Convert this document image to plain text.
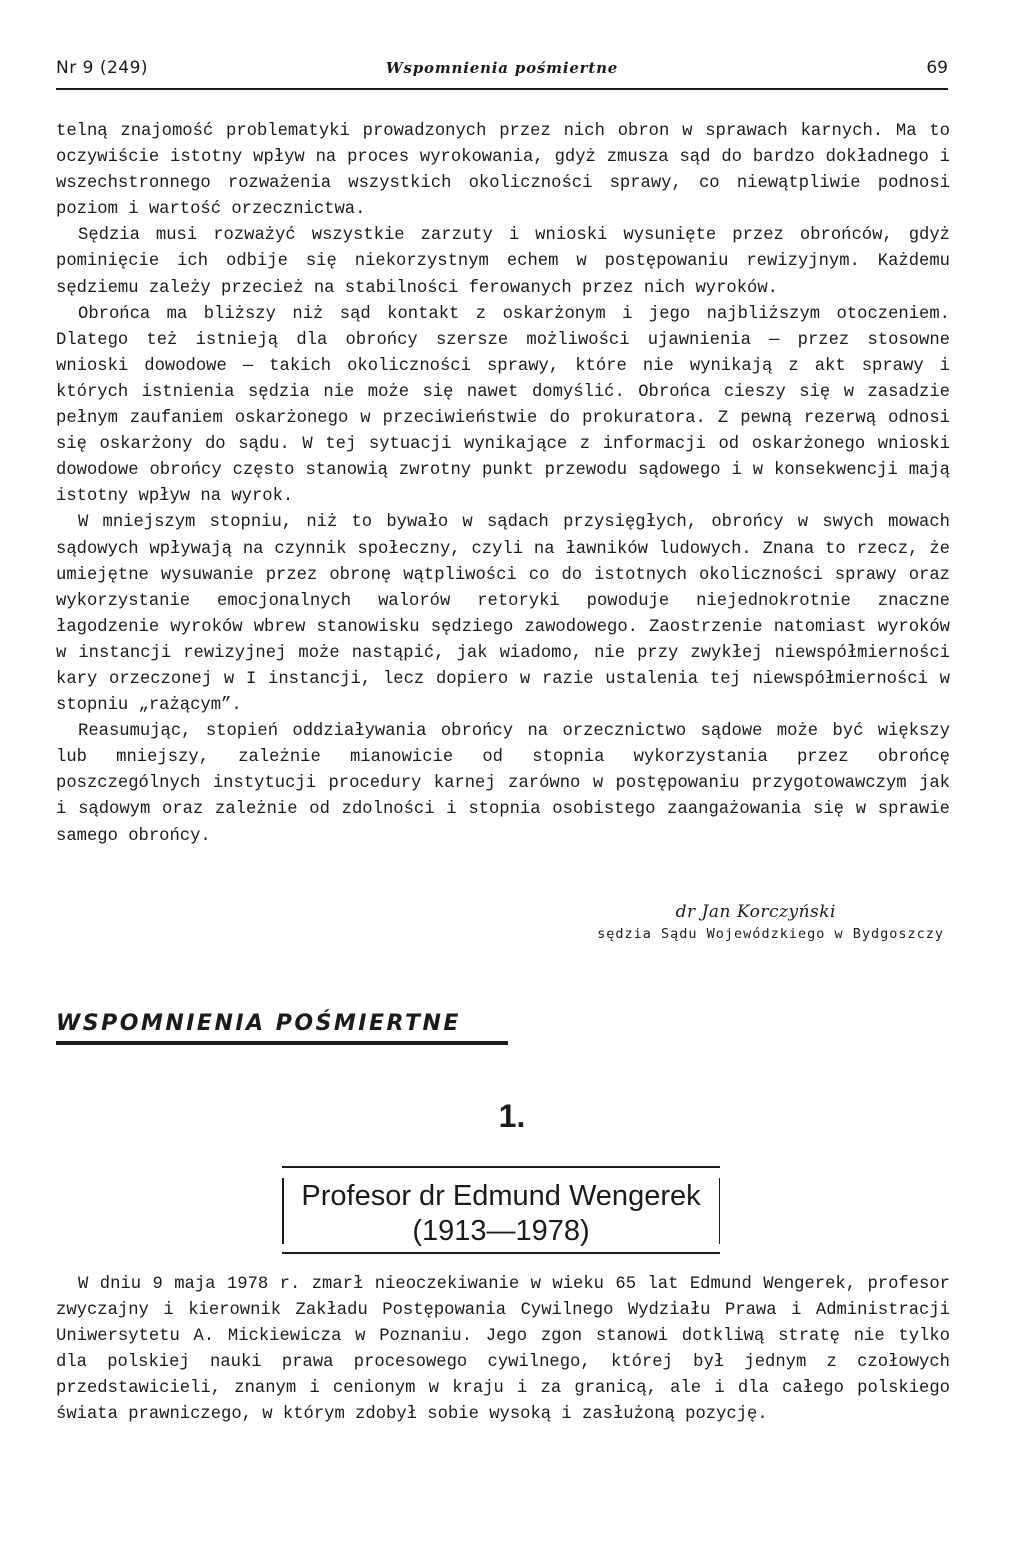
Nr 9 (249)	Wspomnienia pośmiertne	69

telną znajomość problematyki prowadzonych przez nich obron w sprawach karnych. Ma to oczywiście istotny wpływ na proces wyrokowania, gdyż zmusza sąd do bardzo dokładnego i wszechstronnego rozważenia wszystkich okoliczności sprawy, co niewątpliwie podnosi poziom i wartość orzecznictwa.

Sędzia musi rozważyć wszystkie zarzuty i wnioski wysunięte przez obrońców, gdyż pominięcie ich odbije się niekorzystnym echem w postępowaniu rewizyjnym. Każdemu sędziemu zależy przecież na stabilności ferowanych przez nich wyroków.

Obrońca ma bliższy niż sąd kontakt z oskarżonym i jego najbliższym otoczeniem. Dlatego też istnieją dla obrońcy szersze możliwości ujawnienia — przez stosowne wnioski dowodowe — takich okoliczności sprawy, które nie wynikają z akt sprawy i których istnienia sędzia nie może się nawet domyślić. Obrońca cieszy się w zasadzie pełnym zaufaniem oskarżonego w przeciwieństwie do prokuratora. Z pewną rezerwą odnosi się oskarżony do sądu. W tej sytuacji wynikające z informacji od oskarżonego wnioski dowodowe obrońcy często stanowią zwrotny punkt przewodu sądowego i w konsekwencji mają istotny wpływ na wyrok.

W mniejszym stopniu, niż to bywało w sądach przysięgłych, obrońcy w swych mowach sądowych wpływają na czynnik społeczny, czyli na ławników ludowych. Znana to rzecz, że umiejętne wysuwanie przez obronę wątpliwości co do istotnych okoliczności sprawy oraz wykorzystanie emocjonalnych walorów retoryki powoduje niejednokrotnie znaczne łagodzenie wyroków wbrew stanowisku sędziego zawodowego. Zaostrzenie natomiast wyroków w instancji rewizyjnej może nastąpić, jak wiadomo, nie przy zwykłej niewspółmierności kary orzeczonej w I instancji, lecz dopiero w razie ustalenia tej niewspółmierności w stopniu „rażącym”.

Reasumując, stopień oddziaływania obrońcy na orzecznictwo sądowe może być większy lub mniejszy, zależnie mianowicie od stopnia wykorzystania przez obrońcę poszczególnych instytucji procedury karnej zarówno w postępowaniu przygotowawczym jak i sądowym oraz zależnie od zdolności i stopnia osobistego zaangażowania się w sprawie samego obrońcy.

dr Jan Korczyński
sędzia Sądu Wojewódzkiego w Bydgoszczy
WSPOMNIENIA POŚMIERTNE
1.
Profesor dr Edmund Wengerek
(1913—1978)

W dniu 9 maja 1978 r. zmarł nieoczekiwanie w wieku 65 lat Edmund Wengerek, profesor zwyczajny i kierownik Zakładu Postępowania Cywilnego Wydziału Prawa i Administracji Uniwersytetu A. Mickiewicza w Poznaniu. Jego zgon stanowi dotkliwą stratę nie tylko dla polskiej nauki prawa procesowego cywilnego, której był jednym z czołowych przedstawicieli, znanym i cenionym w kraju i za granicą, ale i dla całego polskiego świata prawniczego, w którym zdobył sobie wysoką i zasłużoną pozycję.
